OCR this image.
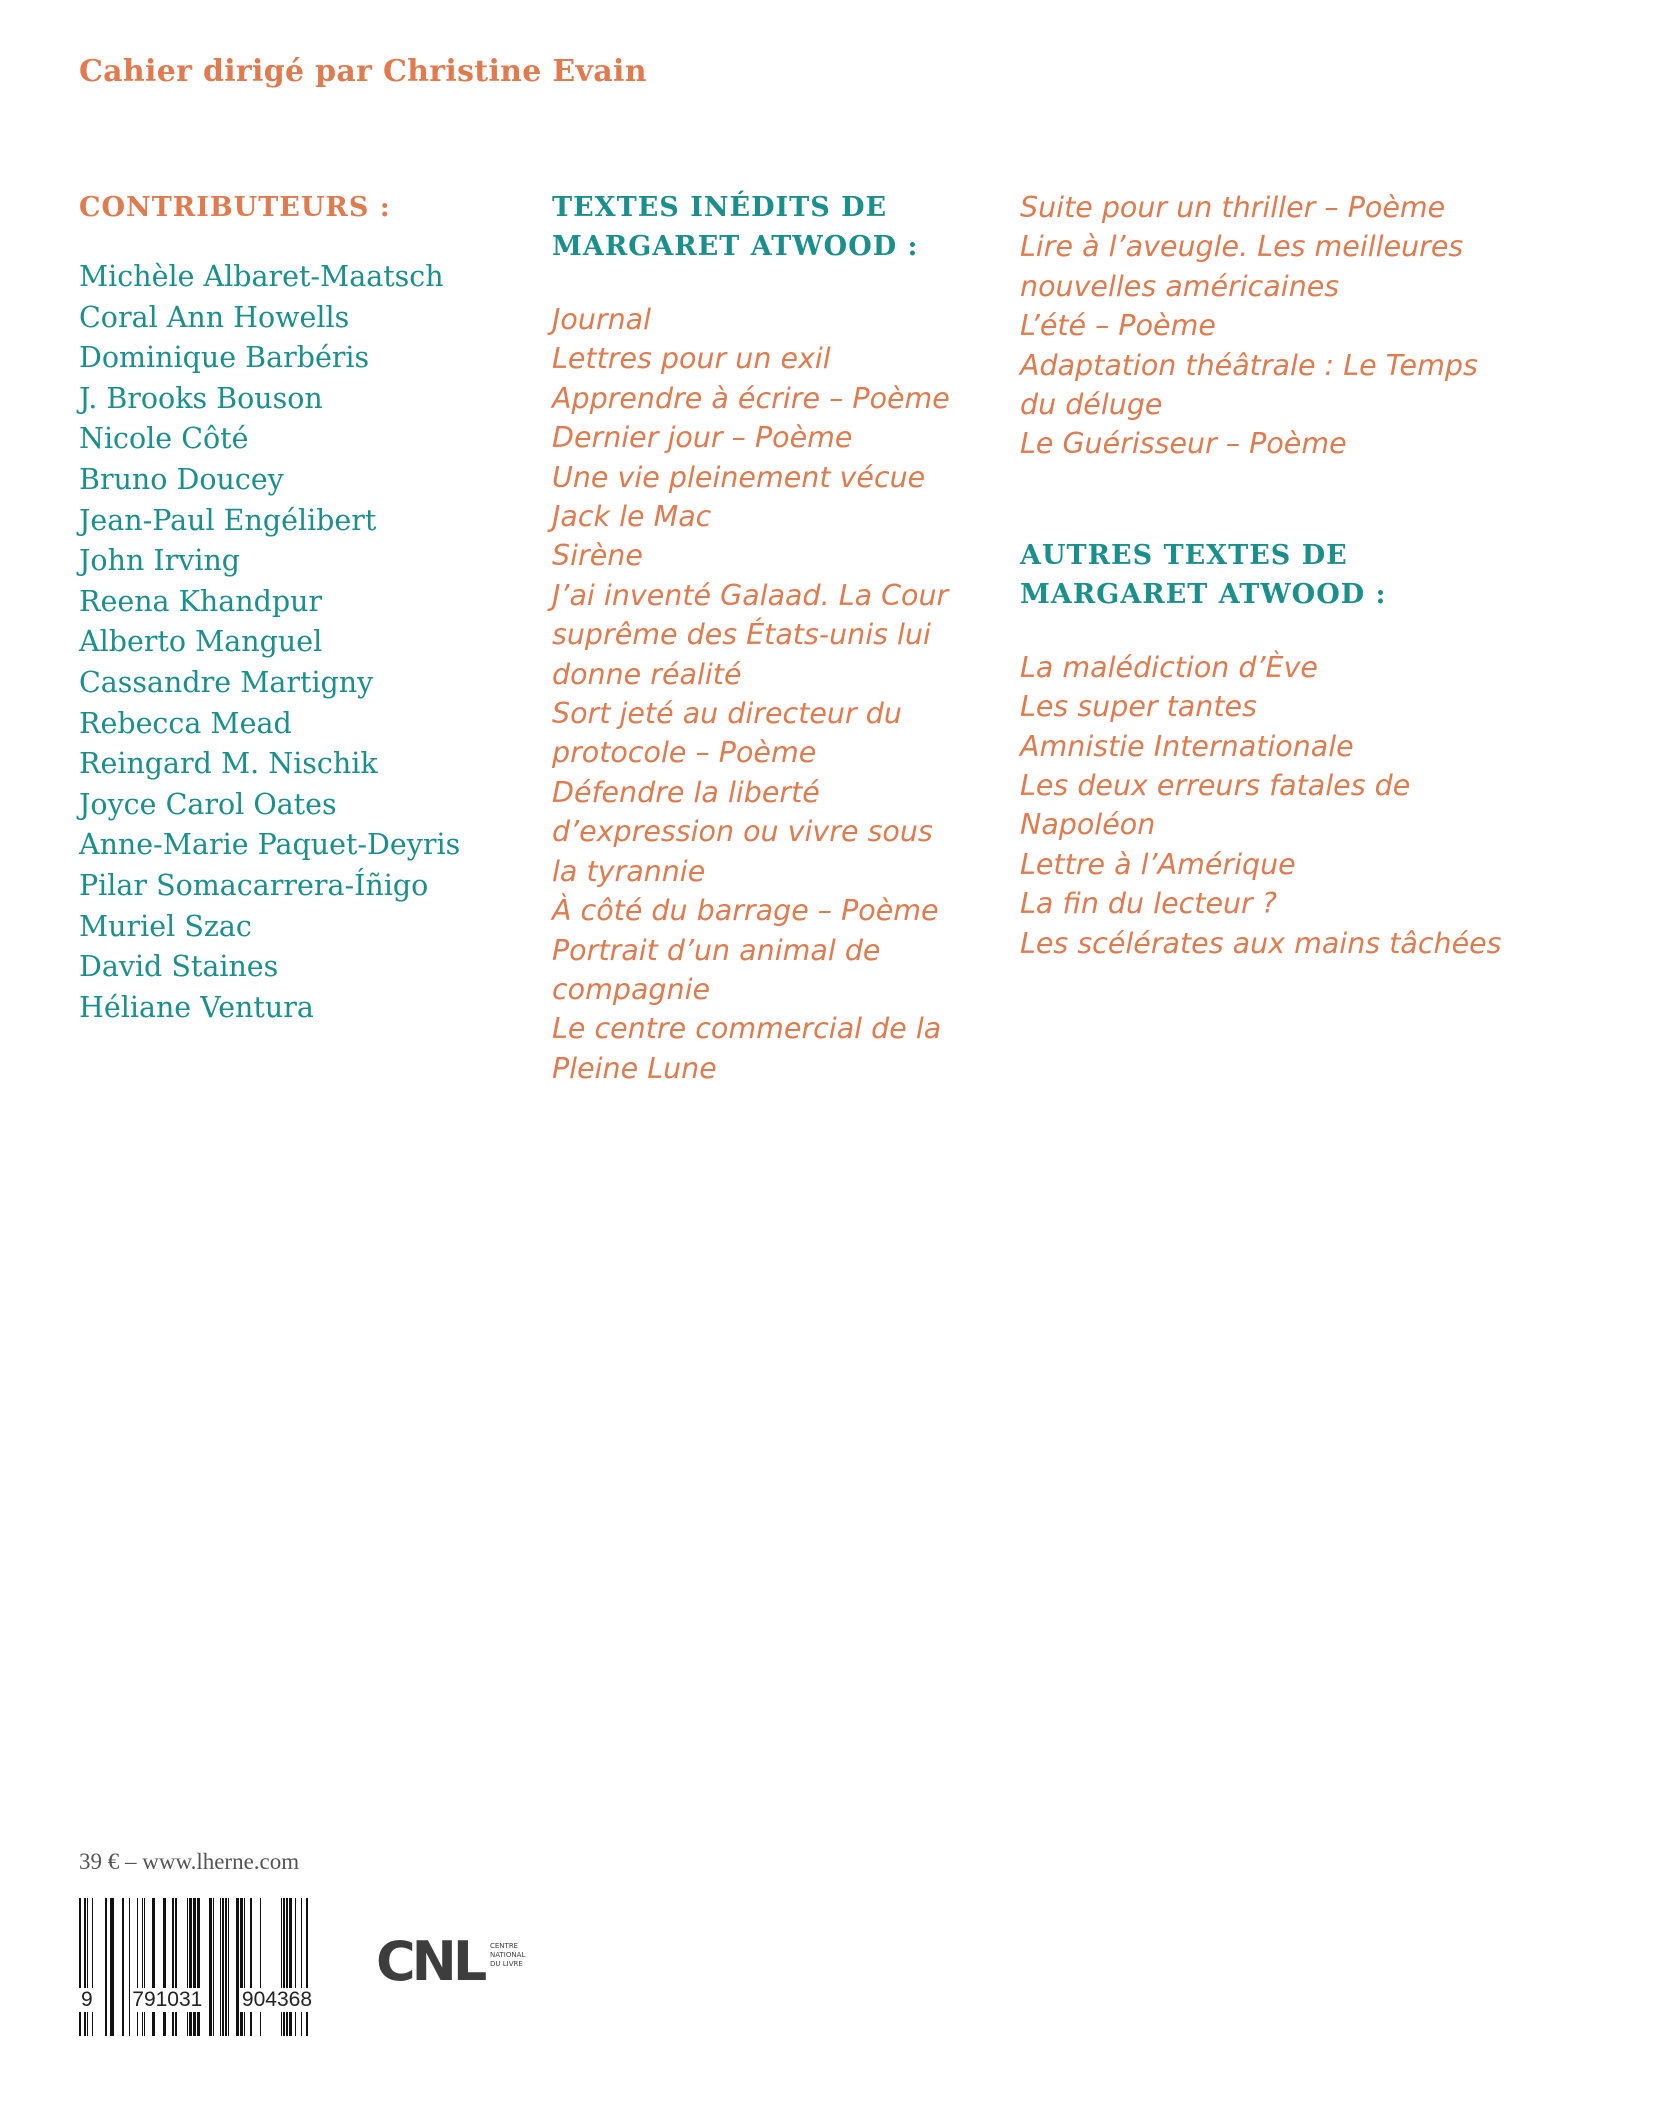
Cahier dirigé par Christine Evain
CONTRIBUTEURS :
Michèle Albaret-Maatsch
Coral Ann Howells
Dominique Barbéris
J. Brooks Bouson
Nicole Côté
Bruno Doucey
Jean-Paul Engélibert
John Irving
Reena Khandpur
Alberto Manguel
Cassandre Martigny
Rebecca Mead
Reingard M. Nischik
Joyce Carol Oates
Anne-Marie Paquet-Deyris
Pilar Somacarrera-Íñigo
Muriel Szac
David Staines
Héliane Ventura
TEXTES INÉDITS DE
MARGARET ATWOOD :
Journal
Lettres pour un exil
Apprendre à écrire – Poème
Dernier jour – Poème
Une vie pleinement vécue
Jack le Mac
Sirène
J’ai inventé Galaad. La Cour suprême des États-unis lui donne réalité
Sort jeté au directeur du protocole – Poème
Défendre la liberté d’expression ou vivre sous la tyrannie
À côté du barrage – Poème
Portrait d’un animal de compagnie
Le centre commercial de la Pleine Lune
Suite pour un thriller – Poème
Lire à l’aveugle. Les meilleures nouvelles américaines
L’été – Poème
Adaptation théâtrale : Le Temps du déluge
Le Guérisseur – Poème
AUTRES TEXTES DE
MARGARET ATWOOD :
La malédiction d’Ève
Les super tantes
Amnistie Internationale
Les deux erreurs fatales de Napoléon
Lettre à l’Amérique
La fin du lecteur ?
Les scélérates aux mains tâchées

39 € – www.lherne.com

9 791031 904368
CNL CENTRE
NATIONAL
DU LIVRE
